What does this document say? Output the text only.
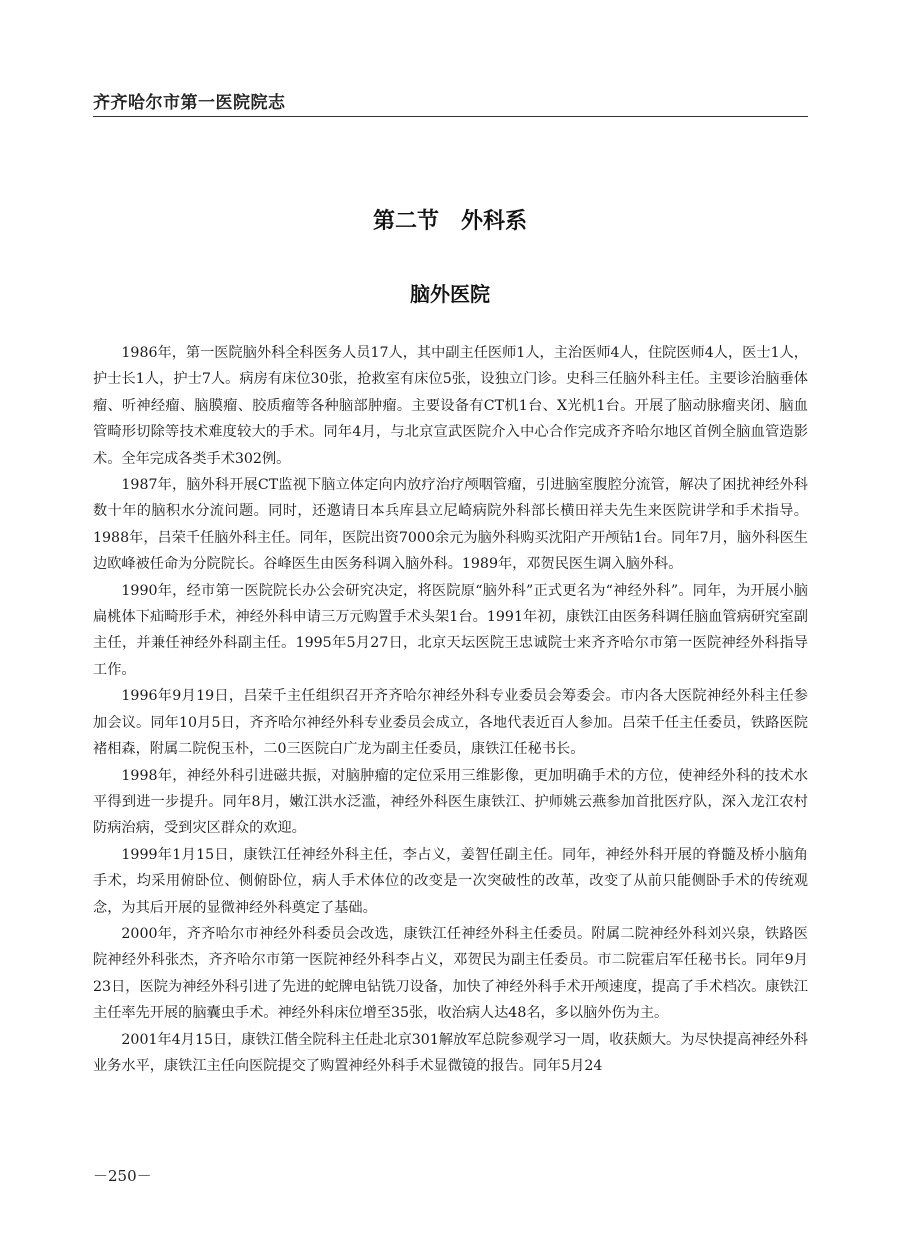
齐齐哈尔市第一医院院志
第二节　外科系
脑外医院

1986年，第一医院脑外科全科医务人员17人，其中副主任医师1人，主治医师4人，住院医师4人，医士1人，护士长1人，护士7人。病房有床位30张，抢救室有床位5张，设独立门诊。史科三任脑外科主任。主要诊治脑垂体瘤、听神经瘤、脑膜瘤、胶质瘤等各种脑部肿瘤。主要设备有CT机1台、X光机1台。开展了脑动脉瘤夹闭、脑血管畸形切除等技术难度较大的手术。同年4月，与北京宣武医院介入中心合作完成齐齐哈尔地区首例全脑血管造影术。全年完成各类手术302例。

1987年，脑外科开展CT监视下脑立体定向内放疗治疗颅咽管瘤，引进脑室腹腔分流管，解决了困扰神经外科数十年的脑积水分流问题。同时，还邀请日本兵库县立尼崎病院外科部长横田祥夫先生来医院讲学和手术指导。1988年，吕荣千任脑外科主任。同年，医院出资7000余元为脑外科购买沈阳产开颅钻1台。同年7月，脑外科医生边欧峰被任命为分院院长。谷峰医生由医务科调入脑外科。1989年，邓贺民医生调入脑外科。

1990年，经市第一医院院长办公会研究决定，将医院原“脑外科”正式更名为“神经外科”。同年，为开展小脑扁桃体下疝畸形手术，神经外科申请三万元购置手术头架1台。1991年初，康铁江由医务科调任脑血管病研究室副主任，并兼任神经外科副主任。1995年5月27日，北京天坛医院王忠诚院士来齐齐哈尔市第一医院神经外科指导工作。

1996年9月19日，吕荣千主任组织召开齐齐哈尔神经外科专业委员会筹委会。市内各大医院神经外科主任参加会议。同年10月5日，齐齐哈尔神经外科专业委员会成立，各地代表近百人参加。吕荣千任主任委员，铁路医院褚相森，附属二院倪玉朴，二0三医院白广龙为副主任委员，康铁江任秘书长。

1998年，神经外科引进磁共振，对脑肿瘤的定位采用三维影像，更加明确手术的方位，使神经外科的技术水平得到进一步提升。同年8月，嫩江洪水泛滥，神经外科医生康铁江、护师姚云燕参加首批医疗队，深入龙江农村防病治病，受到灾区群众的欢迎。

1999年1月15日，康铁江任神经外科主任，李占义，姜智任副主任。同年，神经外科开展的脊髓及桥小脑角手术，均采用俯卧位、侧俯卧位，病人手术体位的改变是一次突破性的改革，改变了从前只能侧卧手术的传统观念，为其后开展的显微神经外科奠定了基础。

2000年，齐齐哈尔市神经外科委员会改选，康铁江任神经外科主任委员。附属二院神经外科刘兴泉，铁路医院神经外科张杰，齐齐哈尔市第一医院神经外科李占义，邓贺民为副主任委员。市二院霍启军任秘书长。同年9月23日，医院为神经外科引进了先进的蛇牌电钻铣刀设备，加快了神经外科手术开颅速度，提高了手术档次。康铁江主任率先开展的脑囊虫手术。神经外科床位增至35张，收治病人达48名，多以脑外伤为主。

2001年4月15日，康铁江偕全院科主任赴北京301解放军总院参观学习一周，收获颇大。为尽快提高神经外科业务水平，康铁江主任向医院提交了购置神经外科手术显微镜的报告。同年5月24

－250－
